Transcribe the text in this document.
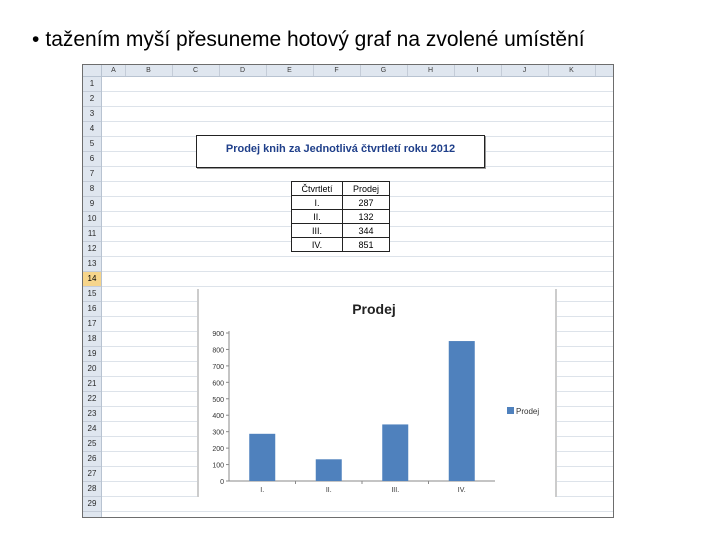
• tažením myší přesuneme hotový graf na zvolené umístění
A	B	C	D	E	F	G	H	I	J	K
1
2
3
4
5
6
7
8
9
10
11
12
13
14
15
16
17
18
19
20
21
22
23
24
25
26
27
28
29
Prodej knih za Jednotlivá čtvrtletí roku 2012
Čtvrtletí	Prodej
I.	287
II.	132
III.	344
IV.	851
Prodej
0
100
200
300
400
500
600
700
800
900
I.	II.	III.	IV.
Prodej
